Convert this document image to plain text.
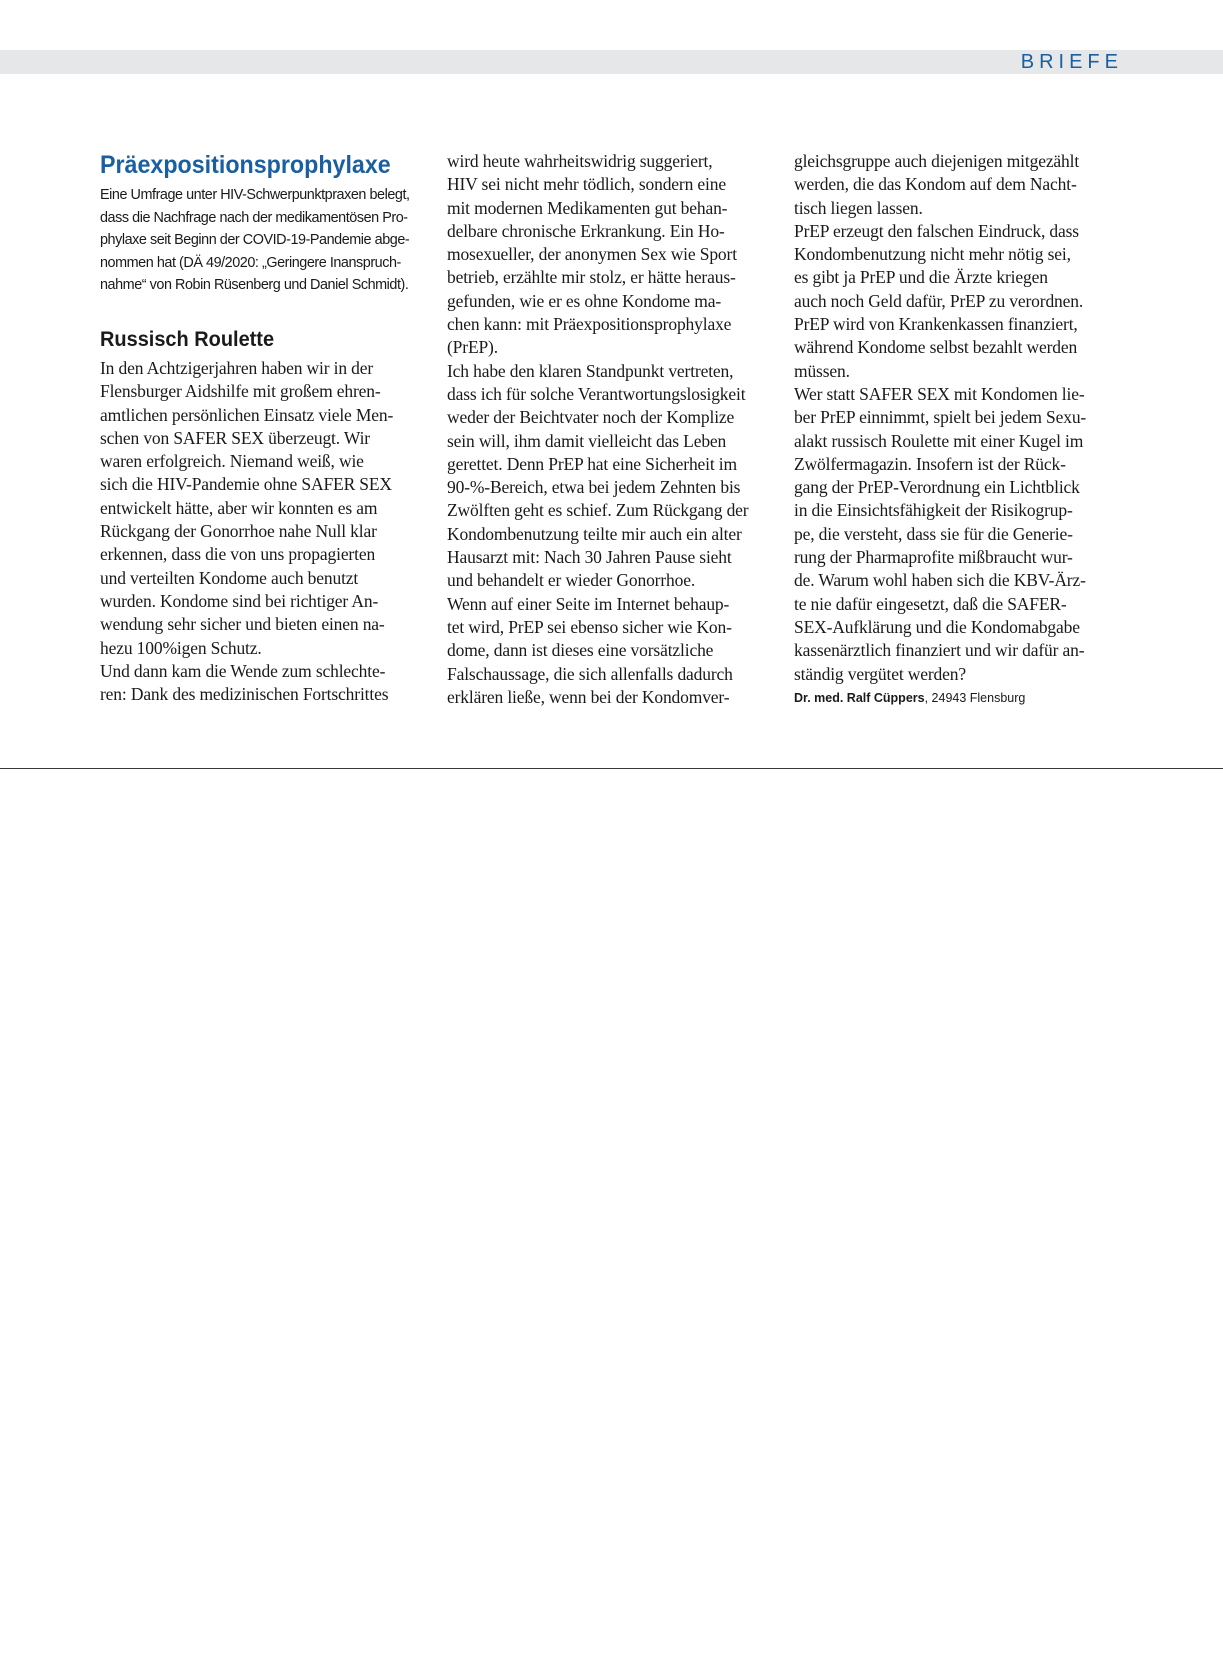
BRIEFE
Präexpositionsprophylaxe

Eine Umfrage unter HIV-Schwerpunktpraxen belegt,
dass die Nachfrage nach der medikamentösen Pro-
phylaxe seit Beginn der COVID-19-Pandemie abge-
nommen hat (DÄ 49/2020: „Geringere Inanspruch-
nahme“ von Robin Rüsenberg und Daniel Schmidt).

Russisch Roulette

In den Achtzigerjahren haben wir in der
Flensburger Aidshilfe mit großem ehren-
amtlichen persönlichen Einsatz viele Men-
schen von SAFER SEX überzeugt. Wir
waren erfolgreich. Niemand weiß, wie
sich die HIV-Pandemie ohne SAFER SEX
entwickelt hätte, aber wir konnten es am
Rückgang der Gonorrhoe nahe Null klar
erkennen, dass die von uns propagierten
und verteilten Kondome auch benutzt
wurden. Kondome sind bei richtiger An-
wendung sehr sicher und bieten einen na-
hezu 100%igen Schutz.
Und dann kam die Wende zum schlechte-
ren: Dank des medizinischen Fortschrittes

wird heute wahrheitswidrig suggeriert,
HIV sei nicht mehr tödlich, sondern eine
mit modernen Medikamenten gut behan-
delbare chronische Erkrankung. Ein Ho-
mosexueller, der anonymen Sex wie Sport
betrieb, erzählte mir stolz, er hätte heraus-
gefunden, wie er es ohne Kondome ma-
chen kann: mit Präexpositionsprophylaxe
(PrEP).
Ich habe den klaren Standpunkt vertreten,
dass ich für solche Verantwortungslosigkeit
weder der Beichtvater noch der Komplize
sein will, ihm damit vielleicht das Leben
gerettet. Denn PrEP hat eine Sicherheit im
90-%-Bereich, etwa bei jedem Zehnten bis
Zwölften geht es schief. Zum Rückgang der
Kondombenutzung teilte mir auch ein alter
Hausarzt mit: Nach 30 Jahren Pause sieht
und behandelt er wieder Gonorrhoe.
Wenn auf einer Seite im Internet behaup-
tet wird, PrEP sei ebenso sicher wie Kon-
dome, dann ist dieses eine vorsätzliche
Falschaussage, die sich allenfalls dadurch
erklären ließe, wenn bei der Kondomver-

gleichsgruppe auch diejenigen mitgezählt
werden, die das Kondom auf dem Nacht-
tisch liegen lassen.
PrEP erzeugt den falschen Eindruck, dass
Kondombenutzung nicht mehr nötig sei,
es gibt ja PrEP und die Ärzte kriegen
auch noch Geld dafür, PrEP zu verordnen.
PrEP wird von Krankenkassen finanziert,
während Kondome selbst bezahlt werden
müssen.
Wer statt SAFER SEX mit Kondomen lie-
ber PrEP einnimmt, spielt bei jedem Sexu-
alakt russisch Roulette mit einer Kugel im
Zwölfermagazin. Insofern ist der Rück-
gang der PrEP-Verordnung ein Lichtblick
in die Einsichtsfähigkeit der Risikogrup-
pe, die versteht, dass sie für die Generie-
rung der Pharmaprofite mißbraucht wur-
de. Warum wohl haben sich die KBV-Ärz-
te nie dafür eingesetzt, daß die SAFER-
SEX-Aufklärung und die Kondomabgabe
kassenärztlich finanziert und wir dafür an-
ständig vergütet werden?

Dr. med. Ralf Cüppers, 24943 Flensburg
